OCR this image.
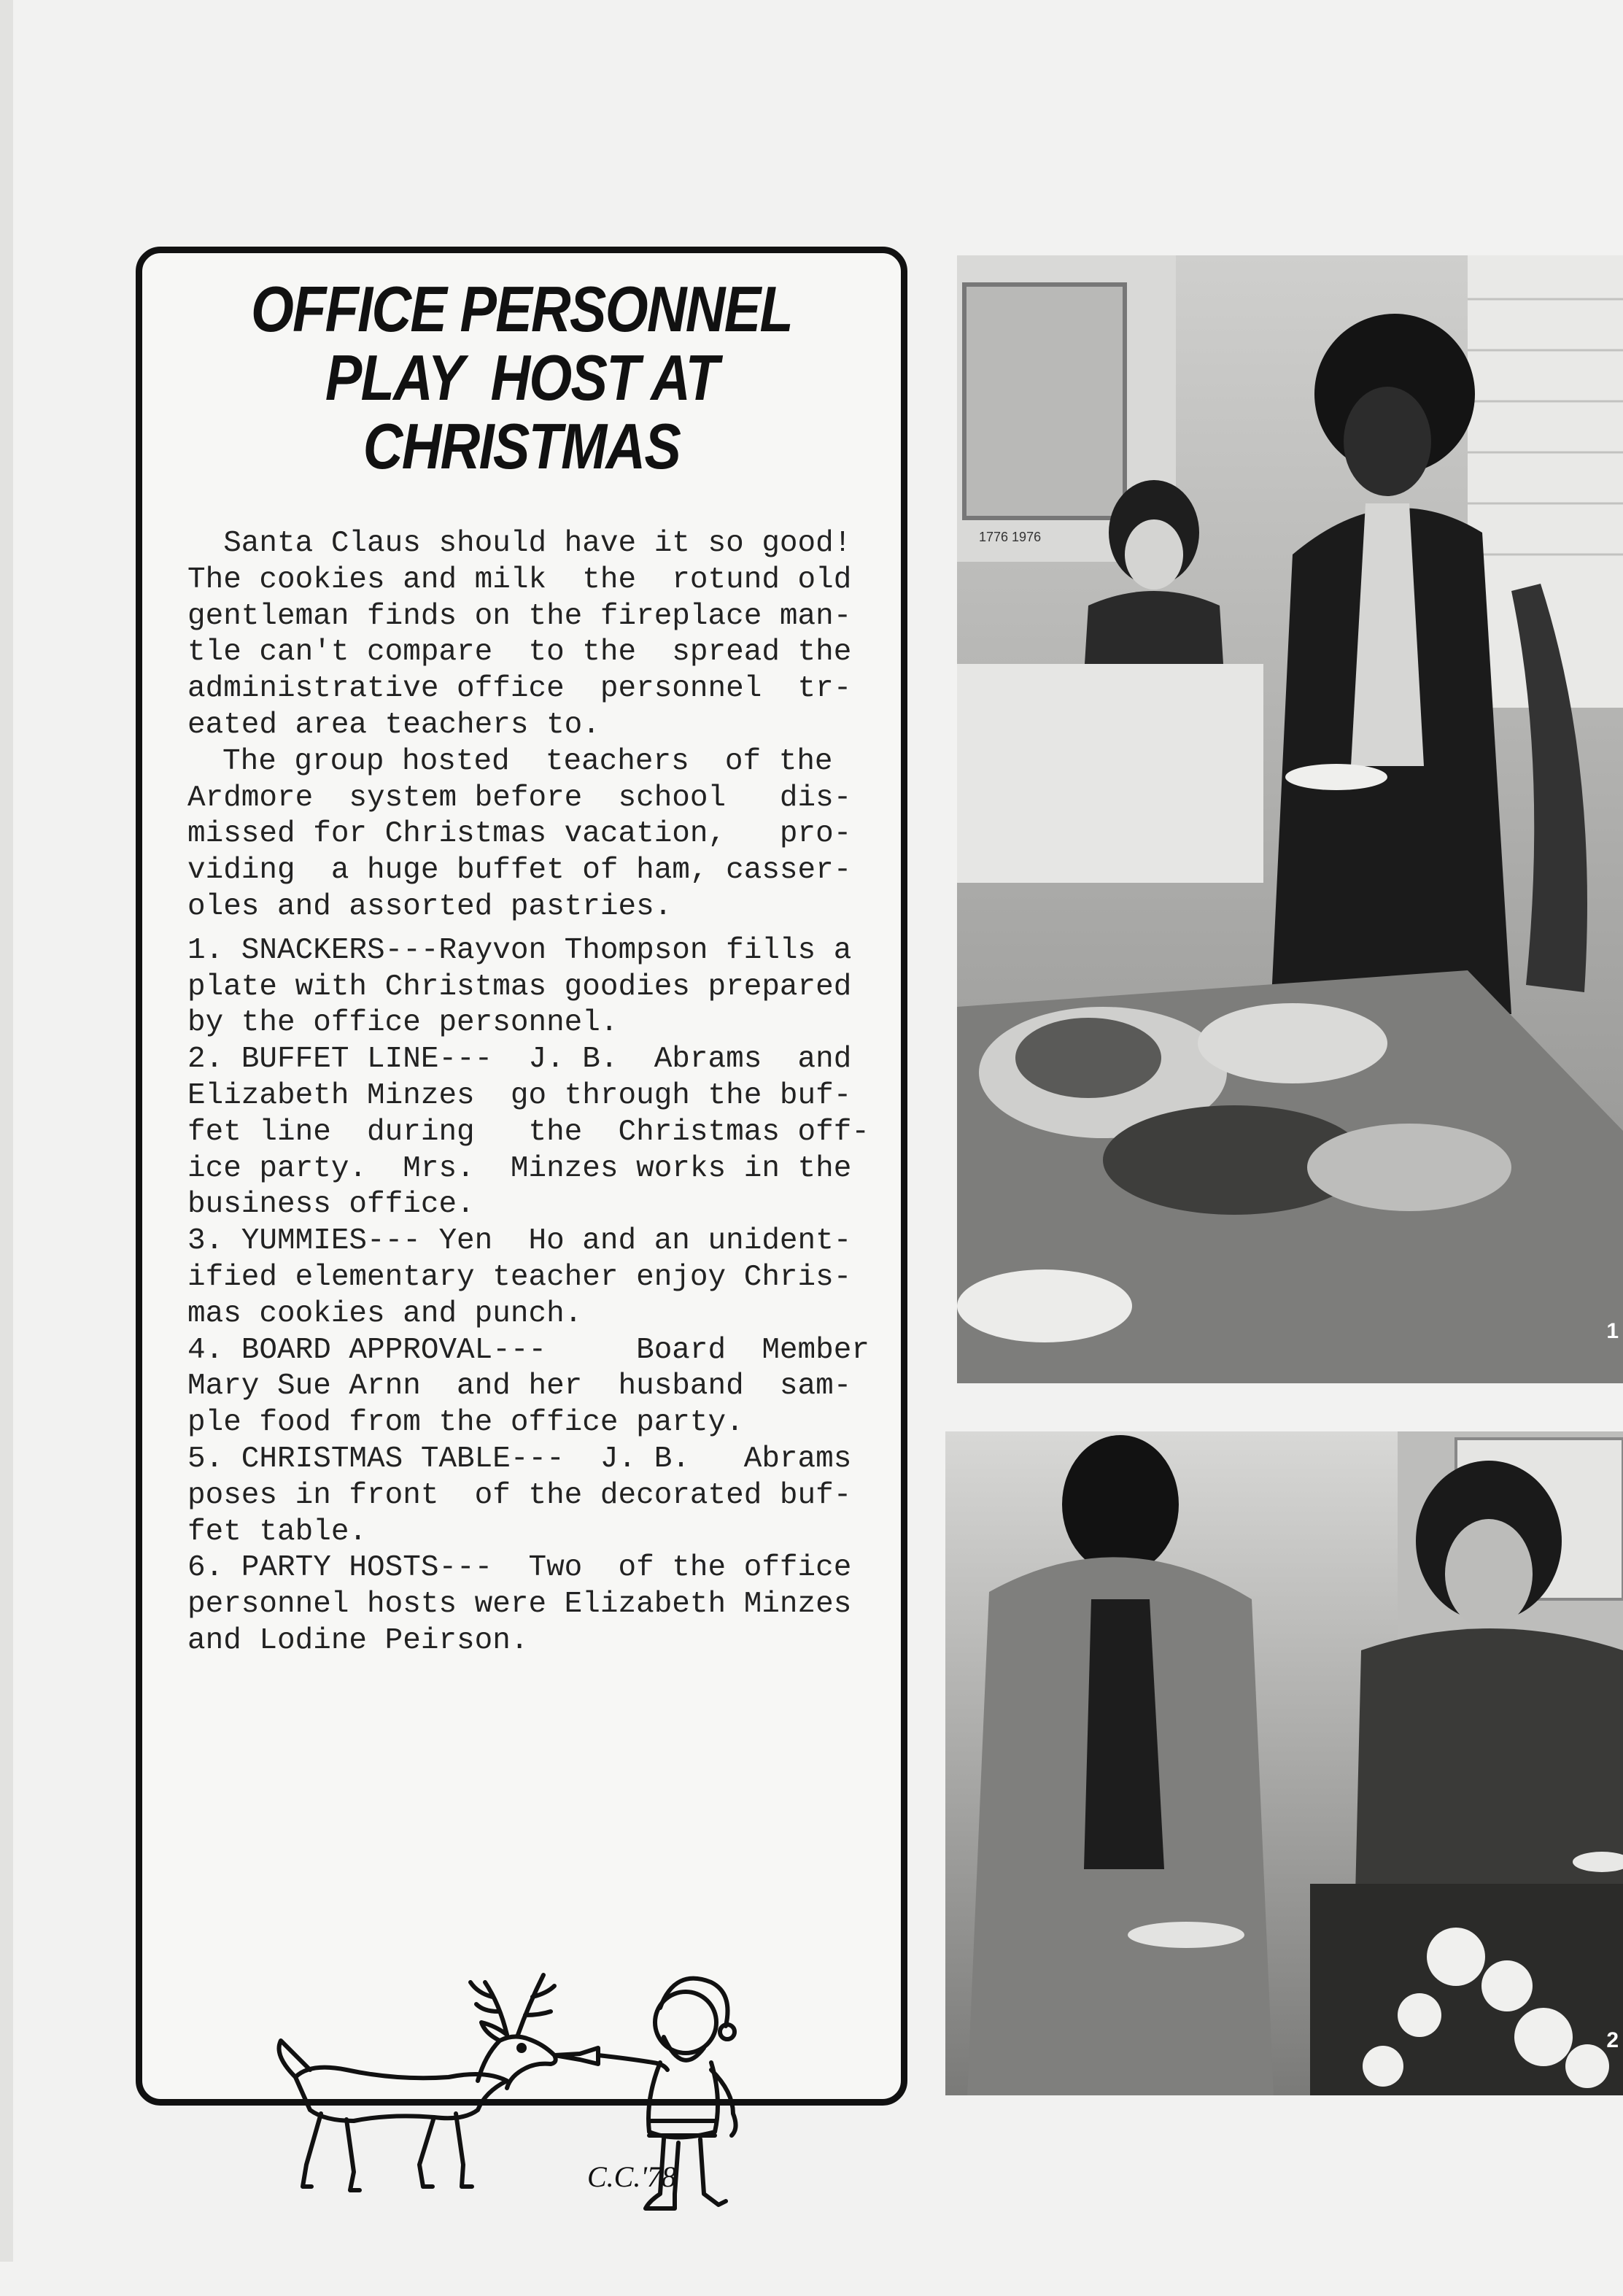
OFFICE PERSONNEL
PLAY  HOST AT
CHRISTMAS

Santa Claus should have it so good!

The cookies and milk  the  rotund old

gentleman finds on the fireplace man-

tle can't compare  to the  spread the

administrative office  personnel  tr-

eated area teachers to.

The group hosted  teachers  of the

Ardmore  system before  school   dis-

missed for Christmas vacation,   pro-

viding  a huge buffet of ham, casser-

oles and assorted pastries.

1. SNACKERS---Rayvon Thompson fills a

plate with Christmas goodies prepared

by the office personnel.

2. BUFFET LINE---  J. B.  Abrams  and

Elizabeth Minzes  go through the buf-

fet line  during   the  Christmas off-

ice party.  Mrs.  Minzes works in the

business office.

3. YUMMIES--- Yen  Ho and an unident-

ified elementary teacher enjoy Chris-

mas cookies and punch.

4. BOARD APPROVAL---     Board  Member

Mary Sue Arnn  and her  husband  sam-

ple food from the office party.

5. CHRISTMAS TABLE---  J. B.   Abrams

poses in front  of the decorated buf-

fet table.

6. PARTY HOSTS---  Two  of the office

personnel hosts were Elizabeth Minzes

and Lodine Peirson.

C.C.'78
1776 1976
1
2
